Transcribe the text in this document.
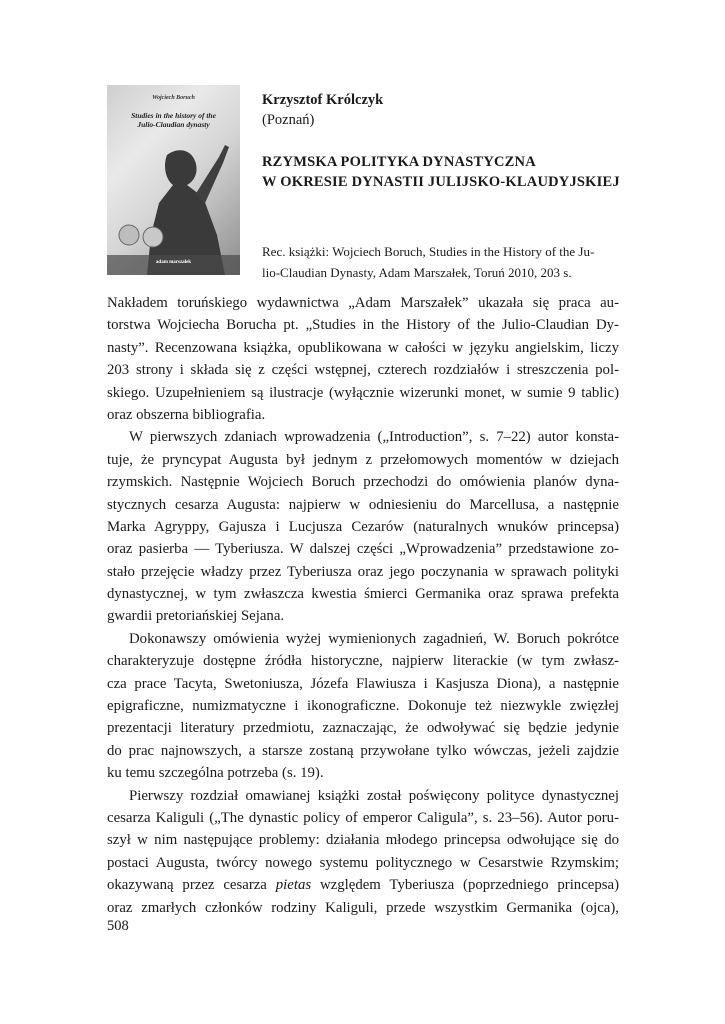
Wojciech Boruch
Studies in the history of the
Julio-Claudian dynasty
adam marszałek
Krzysztof Królczyk
(Poznań)
RZYMSKA POLITYKA DYNASTYCZNA
W OKRESIE DYNASTII JULIJSKO-KLAUDYJSKIEJ
Rec. książki: Wojciech Boruch, Studies in the History of the Ju-
lio-Claudian Dynasty, Adam Marszałek, Toruń 2010, 203 s.
Nakładem toruńskiego wydawnictwa „Adam Marszałek” ukazała się praca au-
torstwa Wojciecha Borucha pt. „Studies in the History of the Julio-Claudian Dy-
nasty”. Recenzowana książka, opublikowana w całości w języku angielskim, liczy
203 strony i składa się z części wstępnej, czterech rozdziałów i streszczenia pol-
skiego. Uzupełnieniem są ilustracje (wyłącznie wizerunki monet, w sumie 9 tablic)
oraz obszerna bibliografia.
W pierwszych zdaniach wprowadzenia („Introduction”, s. 7–22) autor konsta-
tuje, że pryncypat Augusta był jednym z przełomowych momentów w dziejach
rzymskich. Następnie Wojciech Boruch przechodzi do omówienia planów dyna-
stycznych cesarza Augusta: najpierw w odniesieniu do Marcellusa, a następnie
Marka Agryppy, Gajusza i Lucjusza Cezarów (naturalnych wnuków princepsa)
oraz pasierba — Tyberiusza. W dalszej części „Wprowadzenia” przedstawione zo-
stało przejęcie władzy przez Tyberiusza oraz jego poczynania w sprawach polityki
dynastycznej, w tym zwłaszcza kwestia śmierci Germanika oraz sprawa prefekta
gwardii pretoriańskiej Sejana.
Dokonawszy omówienia wyżej wymienionych zagadnień, W. Boruch pokrótce
charakteryzuje dostępne źródła historyczne, najpierw literackie (w tym zwłasz-
cza prace Tacyta, Swetoniusza, Józefa Flawiusza i Kasjusza Diona), a następnie
epigraficzne, numizmatyczne i ikonograficzne. Dokonuje też niezwykle zwięzłej
prezentacji literatury przedmiotu, zaznaczając, że odwoływać się będzie jedynie
do prac najnowszych, a starsze zostaną przywołane tylko wówczas, jeżeli zajdzie
ku temu szczególna potrzeba (s. 19).
Pierwszy rozdział omawianej książki został poświęcony polityce dynastycznej
cesarza Kaliguli („The dynastic policy of emperor Caligula”, s. 23–56). Autor poru-
szył w nim następujące problemy: działania młodego princepsa odwołujące się do
postaci Augusta, twórcy nowego systemu politycznego w Cesarstwie Rzymskim;
okazywaną przez cesarza pietas względem Tyberiusza (poprzedniego princepsa)
oraz zmarłych członków rodziny Kaliguli, przede wszystkim Germanika (ojca),
508
